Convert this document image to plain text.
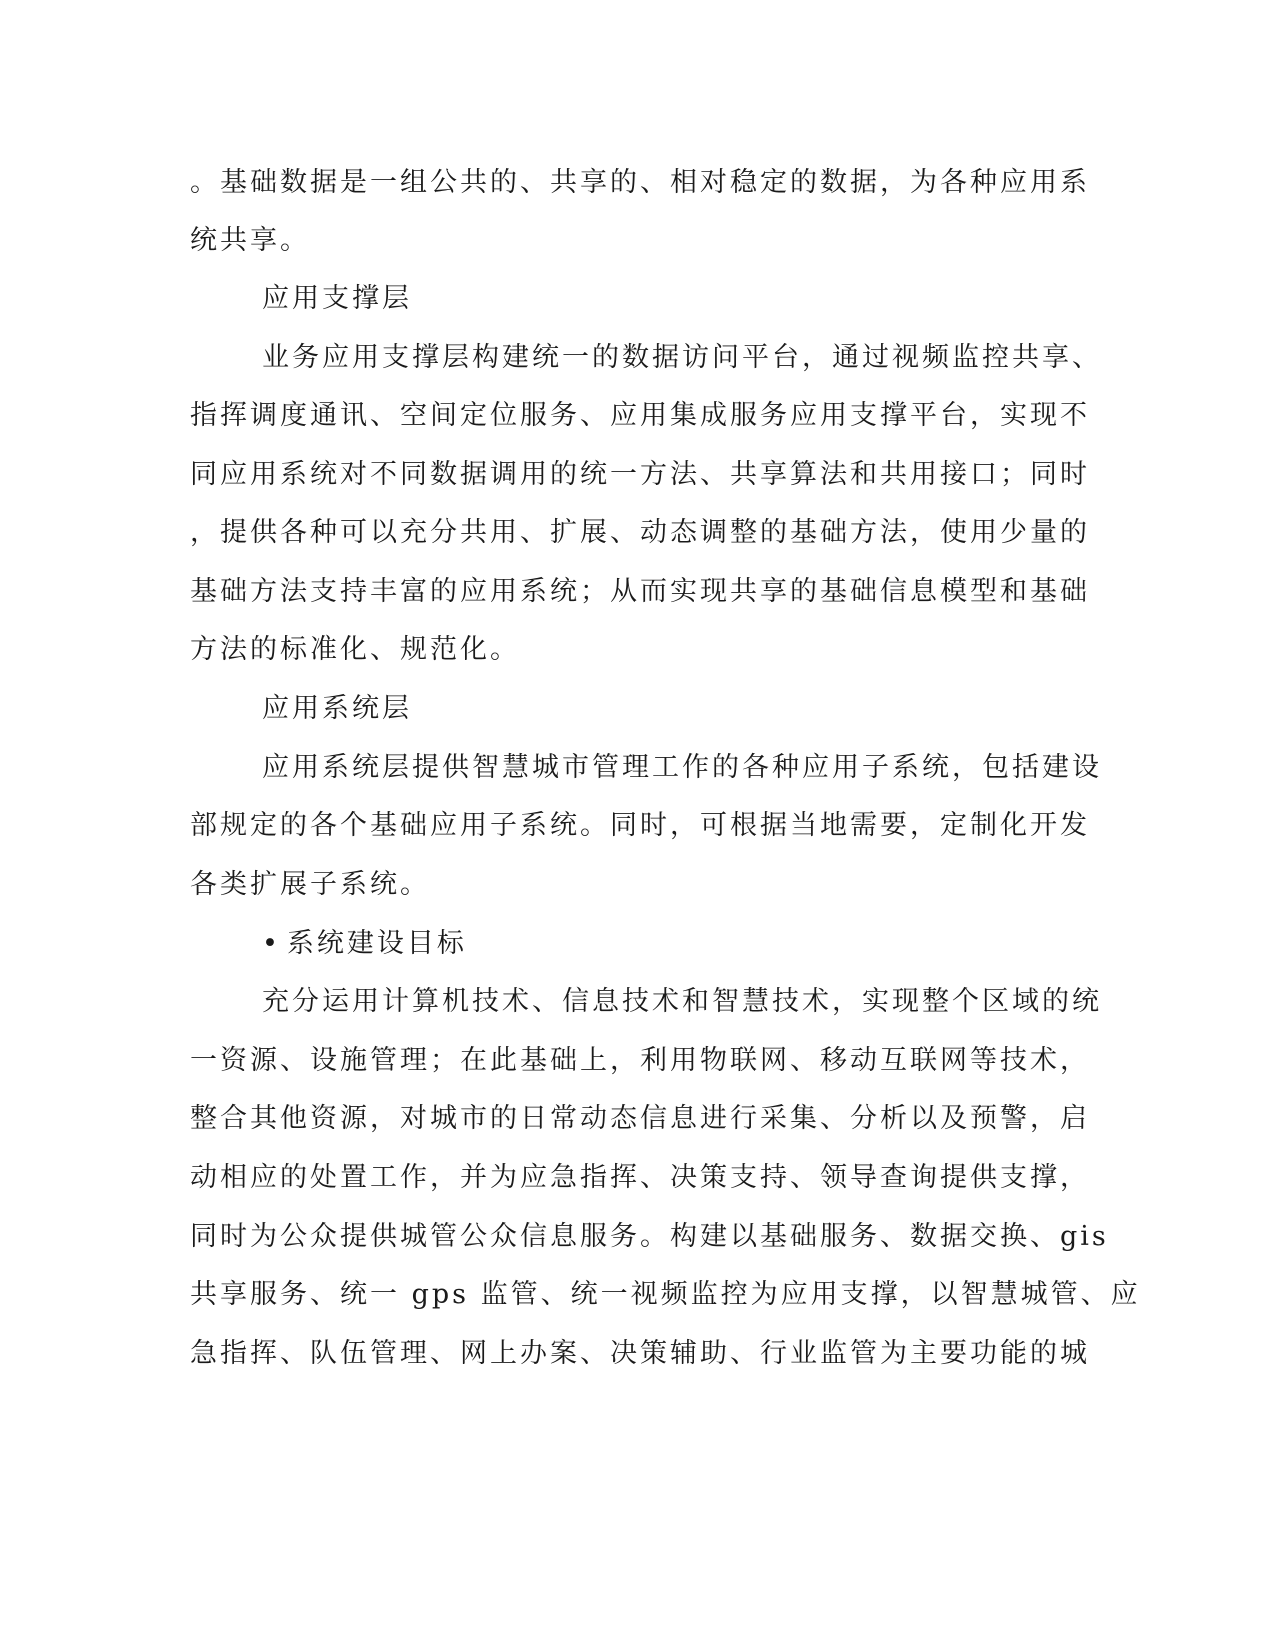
。基础数据是一组公共的、共享的、相对稳定的数据，为各种应用系
统共享。
应用支撑层
业务应用支撑层构建统一的数据访问平台，通过视频监控共享、
指挥调度通讯、空间定位服务、应用集成服务应用支撑平台，实现不
同应用系统对不同数据调用的统一方法、共享算法和共用接口；同时
，提供各种可以充分共用、扩展、动态调整的基础方法，使用少量的
基础方法支持丰富的应用系统；从而实现共享的基础信息模型和基础
方法的标准化、规范化。
应用系统层
应用系统层提供智慧城市管理工作的各种应用子系统，包括建设
部规定的各个基础应用子系统。同时，可根据当地需要，定制化开发
各类扩展子系统。
• 系统建设目标
充分运用计算机技术、信息技术和智慧技术，实现整个区域的统
一资源、设施管理；在此基础上，利用物联网、移动互联网等技术，
整合其他资源，对城市的日常动态信息进行采集、分析以及预警，启
动相应的处置工作，并为应急指挥、决策支持、领导查询提供支撑，
同时为公众提供城管公众信息服务。构建以基础服务、数据交换、gis
共享服务、统一 gps 监管、统一视频监控为应用支撑，以智慧城管、应
急指挥、队伍管理、网上办案、决策辅助、行业监管为主要功能的城
